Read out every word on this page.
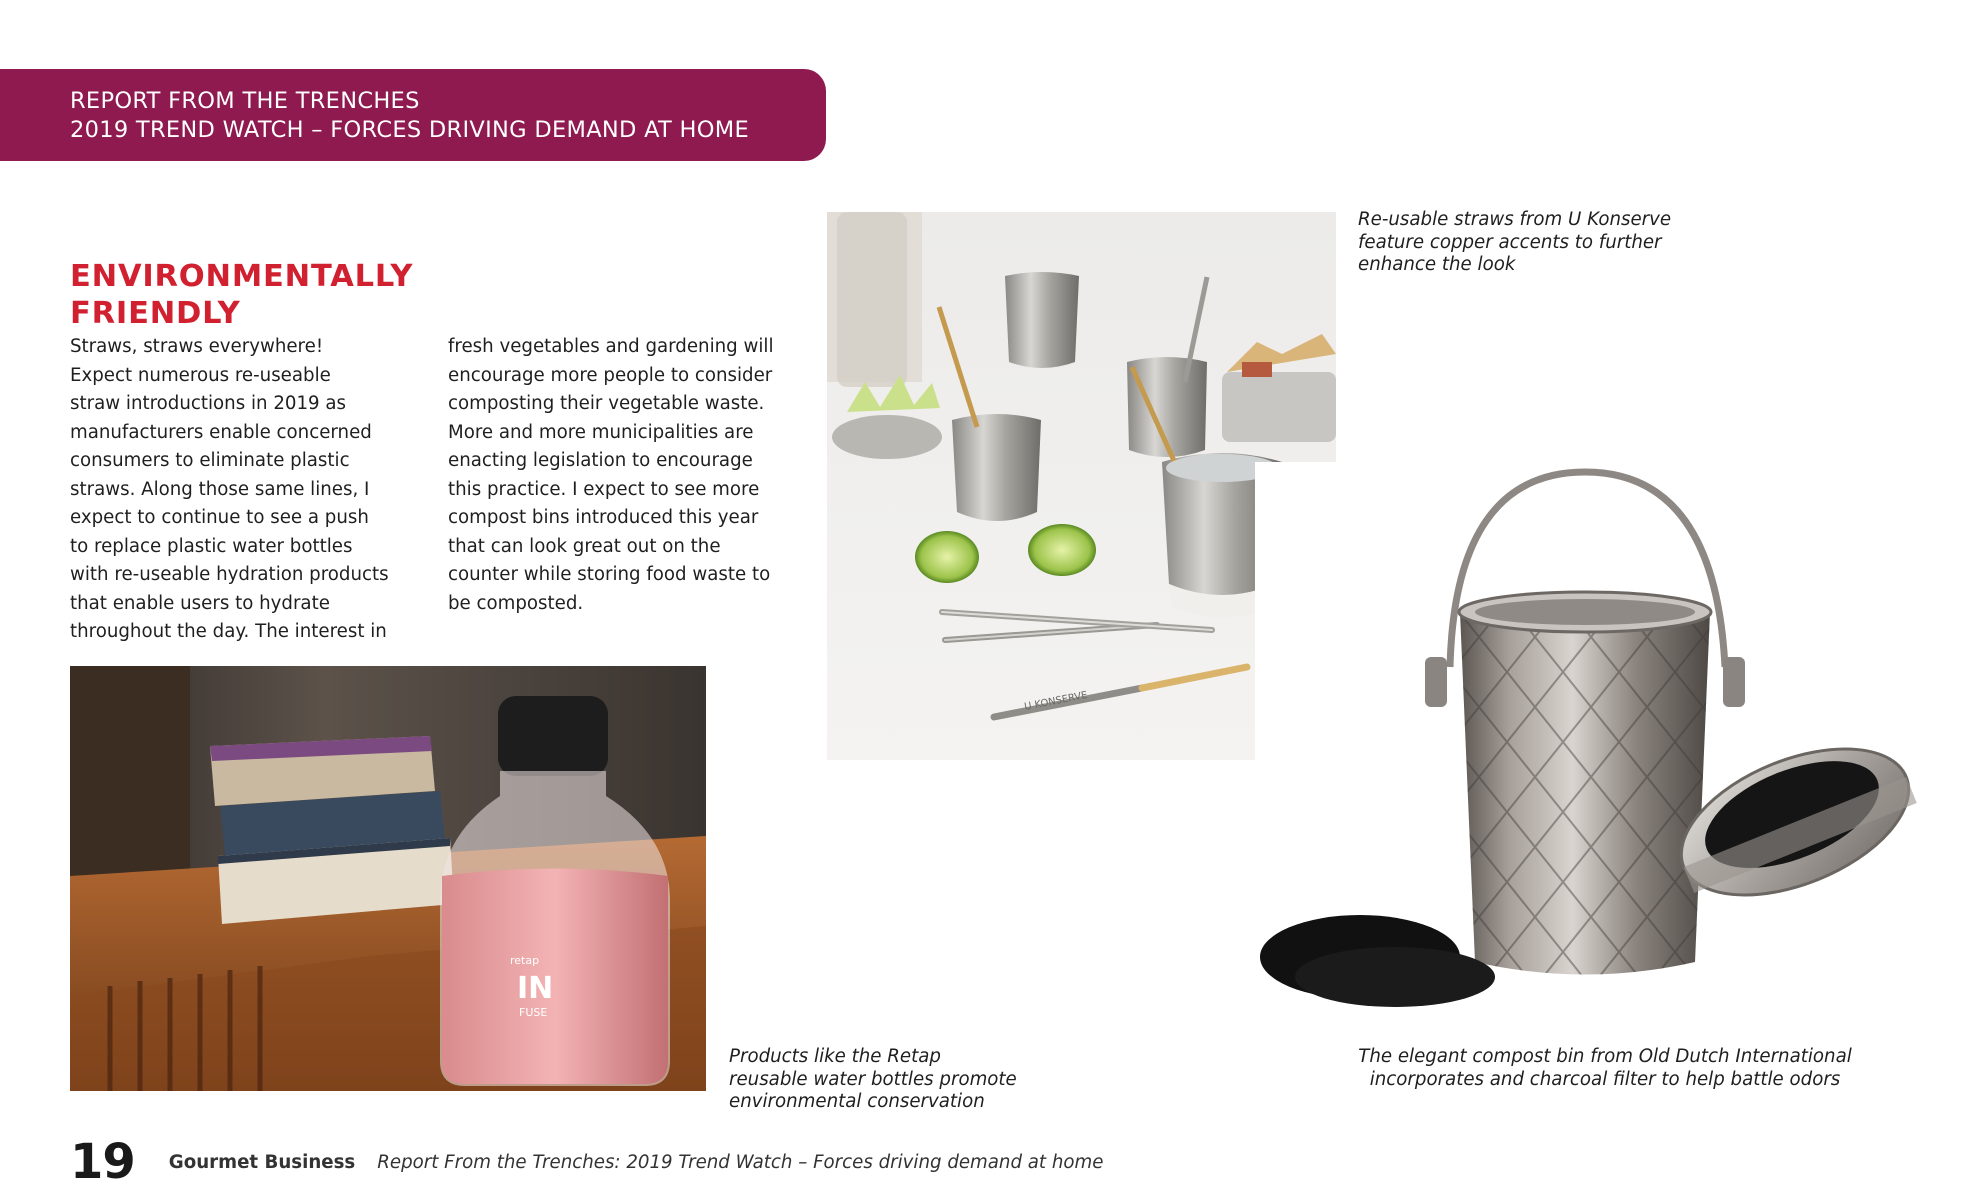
REPORT FROM THE TRENCHES
2019 TREND WATCH – FORCES DRIVING DEMAND AT HOME
ENVIRONMENTALLY
FRIENDLY
Straws, straws everywhere!
Expect numerous re-useable
straw introductions in 2019 as
manufacturers enable concerned
consumers to eliminate plastic
straws. Along those same lines, I
expect to continue to see a push
to replace plastic water bottles
with re-useable hydration products
that enable users to hydrate
throughout the day. The interest in
fresh vegetables and gardening will
encourage more people to consider
composting their vegetable waste.
More and more municipalities are
enacting legislation to encourage
this practice. I expect to see more
compost bins introduced this year
that can look great out on the
counter while storing food waste to
be composted.
U KONSERVE
retap
IN
FUSE
Re-usable straws from U Konserve
feature copper accents to further
enhance the look
Products like the Retap
reusable water bottles promote
environmental conservation
The elegant compost bin from Old Dutch International
incorporates and charcoal filter to help battle odors
19 Gourmet Business Report From the Trenches: 2019 Trend Watch – Forces driving demand at home
